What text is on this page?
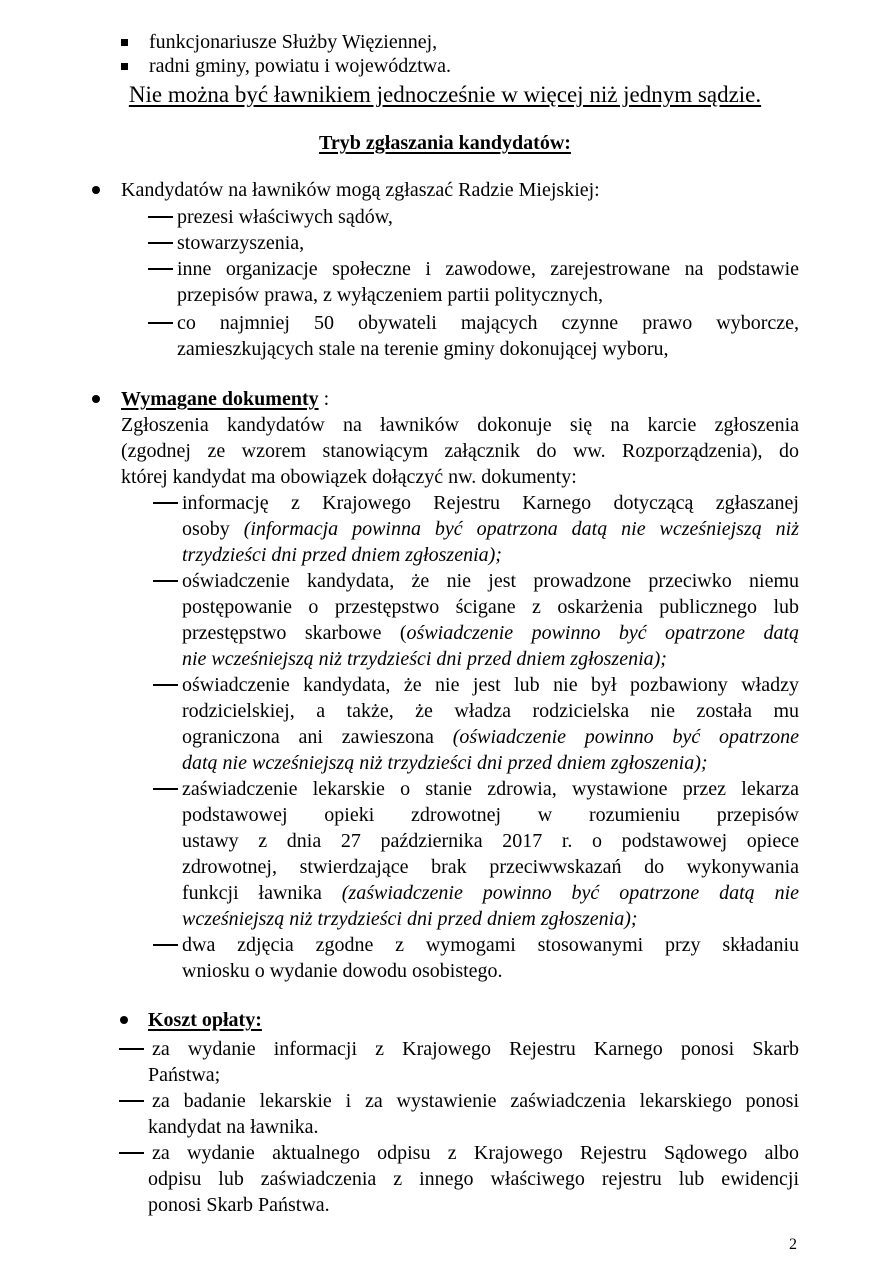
funkcjonariusze Służby Więziennej,
radni gminy, powiatu i województwa.
Nie można być ławnikiem jednocześnie w więcej niż jednym sądzie.
Tryb zgłaszania kandydatów:
Kandydatów na ławników mogą zgłaszać Radzie Miejskiej:
prezesi właściwych sądów,
stowarzyszenia,
inne organizacje społeczne i zawodowe, zarejestrowane na podstawie
przepisów prawa, z wyłączeniem partii politycznych,
co najmniej 50 obywateli mających czynne prawo wyborcze,
zamieszkujących stale na terenie gminy dokonującej wyboru,
Wymagane dokumenty :
Zgłoszenia kandydatów na ławników dokonuje się na karcie zgłoszenia
(zgodnej ze wzorem stanowiącym załącznik do ww. Rozporządzenia), do
której kandydat ma obowiązek dołączyć nw. dokumenty:
informację z Krajowego Rejestru Karnego dotyczącą zgłaszanej
osoby (informacja powinna być opatrzona datą nie wcześniejszą niż
trzydzieści dni przed dniem zgłoszenia);
oświadczenie kandydata, że nie jest prowadzone przeciwko niemu
postępowanie o przestępstwo ścigane z oskarżenia publicznego lub
przestępstwo skarbowe (oświadczenie powinno być opatrzone datą
nie wcześniejszą niż trzydzieści dni przed dniem zgłoszenia);
oświadczenie kandydata, że nie jest lub nie był pozbawiony władzy
rodzicielskiej, a także, że władza rodzicielska nie została mu
ograniczona ani zawieszona (oświadczenie powinno być opatrzone
datą nie wcześniejszą niż trzydzieści dni przed dniem zgłoszenia);
zaświadczenie lekarskie o stanie zdrowia, wystawione przez lekarza
podstawowej opieki zdrowotnej w rozumieniu przepisów
ustawy z dnia 27 października 2017 r. o podstawowej opiece
zdrowotnej, stwierdzające brak przeciwwskazań do wykonywania
funkcji ławnika (zaświadczenie powinno być opatrzone datą nie
wcześniejszą niż trzydzieści dni przed dniem zgłoszenia);
dwa zdjęcia zgodne z wymogami stosowanymi przy składaniu
wniosku o wydanie dowodu osobistego.
Koszt opłaty:
za wydanie informacji z Krajowego Rejestru Karnego ponosi Skarb
Państwa;
za badanie lekarskie i za wystawienie zaświadczenia lekarskiego ponosi
kandydat na ławnika.
za wydanie aktualnego odpisu z Krajowego Rejestru Sądowego albo
odpisu lub zaświadczenia z innego właściwego rejestru lub ewidencji
ponosi Skarb Państwa.
2
